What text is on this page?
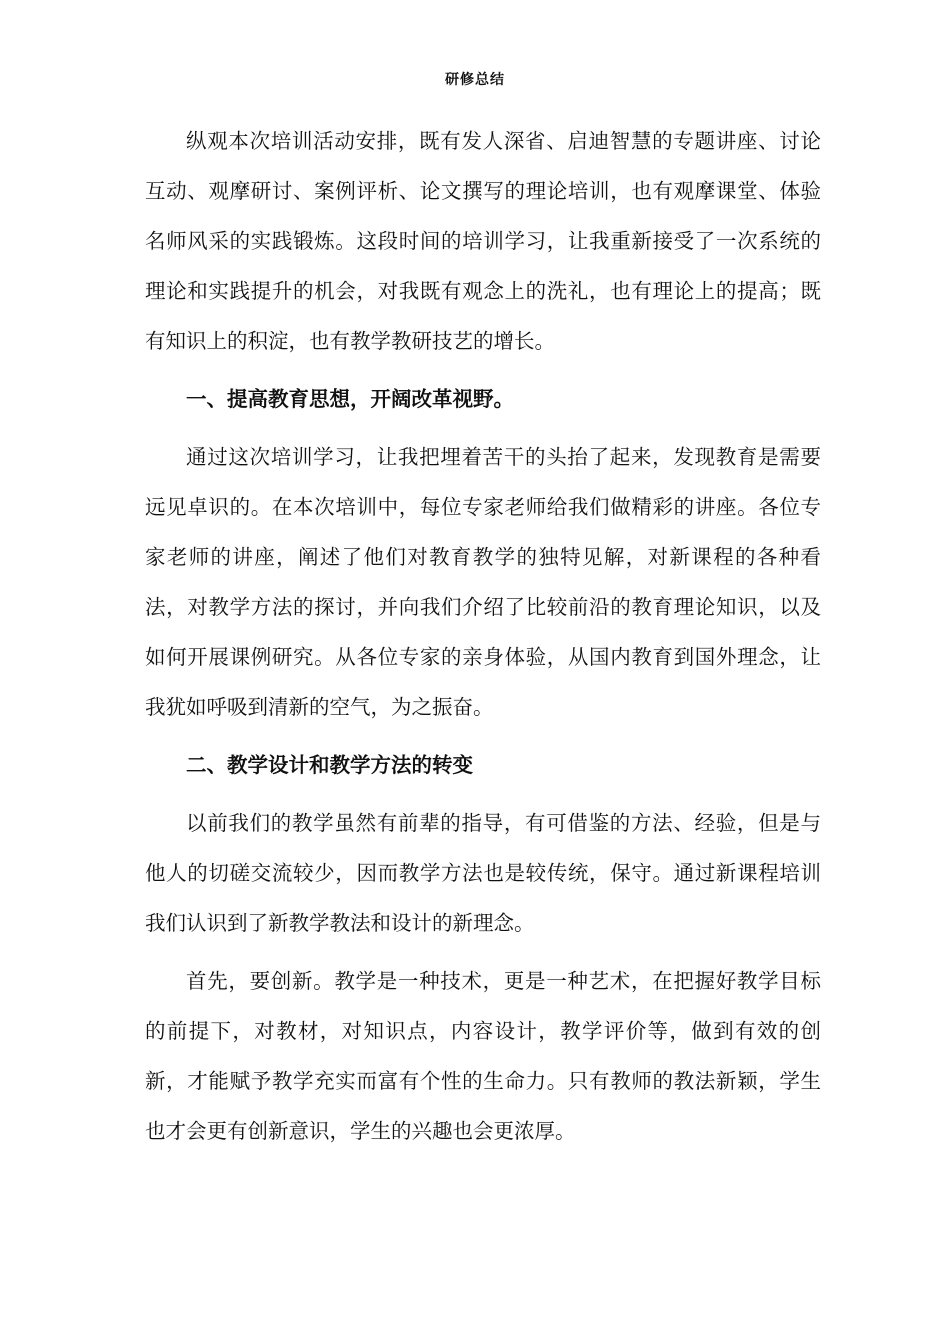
研修总结

纵观本次培训活动安排，既有发人深省、启迪智慧的专题讲座、讨论互动、观摩研讨、案例评析、论文撰写的理论培训，也有观摩课堂、体验名师风采的实践锻炼。这段时间的培训学习，让我重新接受了一次系统的理论和实践提升的机会，对我既有观念上的洗礼，也有理论上的提高；既有知识上的积淀，也有教学教研技艺的增长。

一、提高教育思想，开阔改革视野。

通过这次培训学习，让我把埋着苦干的头抬了起来，发现教育是需要远见卓识的。在本次培训中，每位专家老师给我们做精彩的讲座。各位专家老师的讲座，阐述了他们对教育教学的独特见解，对新课程的各种看法，对教学方法的探讨，并向我们介绍了比较前沿的教育理论知识，以及如何开展课例研究。从各位专家的亲身体验，从国内教育到国外理念，让我犹如呼吸到清新的空气，为之振奋。

二、教学设计和教学方法的转变

以前我们的教学虽然有前辈的指导，有可借鉴的方法、经验，但是与他人的切磋交流较少，因而教学方法也是较传统，保守。通过新课程培训我们认识到了新教学教法和设计的新理念。

首先，要创新。教学是一种技术，更是一种艺术，在把握好教学目标的前提下，对教材，对知识点，内容设计，教学评价等，做到有效的创新，才能赋予教学充实而富有个性的生命力。只有教师的教法新颖，学生也才会更有创新意识，学生的兴趣也会更浓厚。
